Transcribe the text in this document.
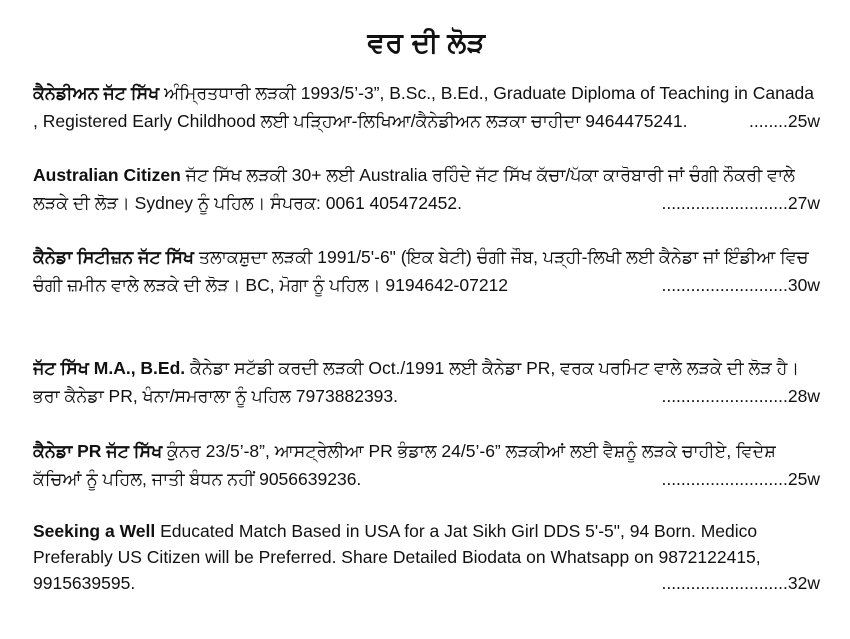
ਵਰ ਦੀ ਲੋੜ
ਕੈਨੇਡੀਅਨ ਜੱਟ ਸਿੱਖ ਅੰਮ੍ਰਿਤਧਾਰੀ ਲੜਕੀ 1993/5’-3”, B.Sc., B.Ed., Graduate Diploma of Teaching in Canada
, Registered Early Childhood ਲਈ ਪੜ੍ਹਿਆ-ਲਿਖਿਆ/ਕੈਨੇਡੀਅਨ ਲੜਕਾ ਚਾਹੀਦਾ 9464475241.	........25w
Australian Citizen ਜੱਟ ਸਿੱਖ ਲੜਕੀ 30+ ਲਈ Australia ਰਹਿੰਦੇ ਜੱਟ ਸਿੱਖ ਕੱਚਾ/ਪੱਕਾ ਕਾਰੋਬਾਰੀ ਜਾਂ ਚੰਗੀ ਨੌਕਰੀ ਵਾਲੇ
ਲੜਕੇ ਦੀ ਲੋੜ। Sydney ਨੂੰ ਪਹਿਲ। ਸੰਪਰਕ: 0061 405472452.	..........................27w
ਕੈਨੇਡਾ ਸਿਟੀਜ਼ਨ ਜੱਟ ਸਿੱਖ ਤਲਾਕਸ਼ੁਦਾ ਲੜਕੀ 1991/5'-6" (ਇਕ ਬੇਟੀ) ਚੰਗੀ ਜੌਬ, ਪੜ੍ਹੀ-ਲਿਖੀ ਲਈ ਕੈਨੇਡਾ ਜਾਂ ਇੰਡੀਆ ਵਿਚ
ਚੰਗੀ ਜ਼ਮੀਨ ਵਾਲੇ ਲੜਕੇ ਦੀ ਲੋੜ। BC, ਮੋਗਾ ਨੂੰ ਪਹਿਲ। 9194642-07212	..........................30w
ਜੱਟ ਸਿੱਖ M.A., B.Ed. ਕੈਨੇਡਾ ਸਟੱਡੀ ਕਰਦੀ ਲੜਕੀ Oct./1991 ਲਈ ਕੈਨੇਡਾ PR, ਵਰਕ ਪਰਮਿਟ ਵਾਲੇ ਲੜਕੇ ਦੀ ਲੋੜ ਹੈ।
ਭਰਾ ਕੈਨੇਡਾ PR, ਖੰਨਾ/ਸਮਰਾਲਾ ਨੂੰ ਪਹਿਲ 7973882393.	..........................28w
ਕੈਨੇਡਾ PR ਜੱਟ ਸਿੱਖ ਕੁੰਨਰ 23/5’-8”, ਆਸਟ੍ਰੇਲੀਆ PR ਭੰਡਾਲ 24/5’-6” ਲੜਕੀਆਂ ਲਈ ਵੈਸ਼ਨੂੰ ਲੜਕੇ ਚਾਹੀਏ, ਵਿਦੇਸ਼
ਕੱਚਿਆਂ ਨੂੰ ਪਹਿਲ, ਜਾਤੀ ਬੰਧਨ ਨਹੀਂ 9056639236.	..........................25w
Seeking a Well Educated Match Based in USA for a Jat Sikh Girl DDS 5'-5", 94 Born. Medico
Preferably US Citizen will be Preferred. Share Detailed Biodata on Whatsapp on 9872122415,
9915639595.	..........................32w
